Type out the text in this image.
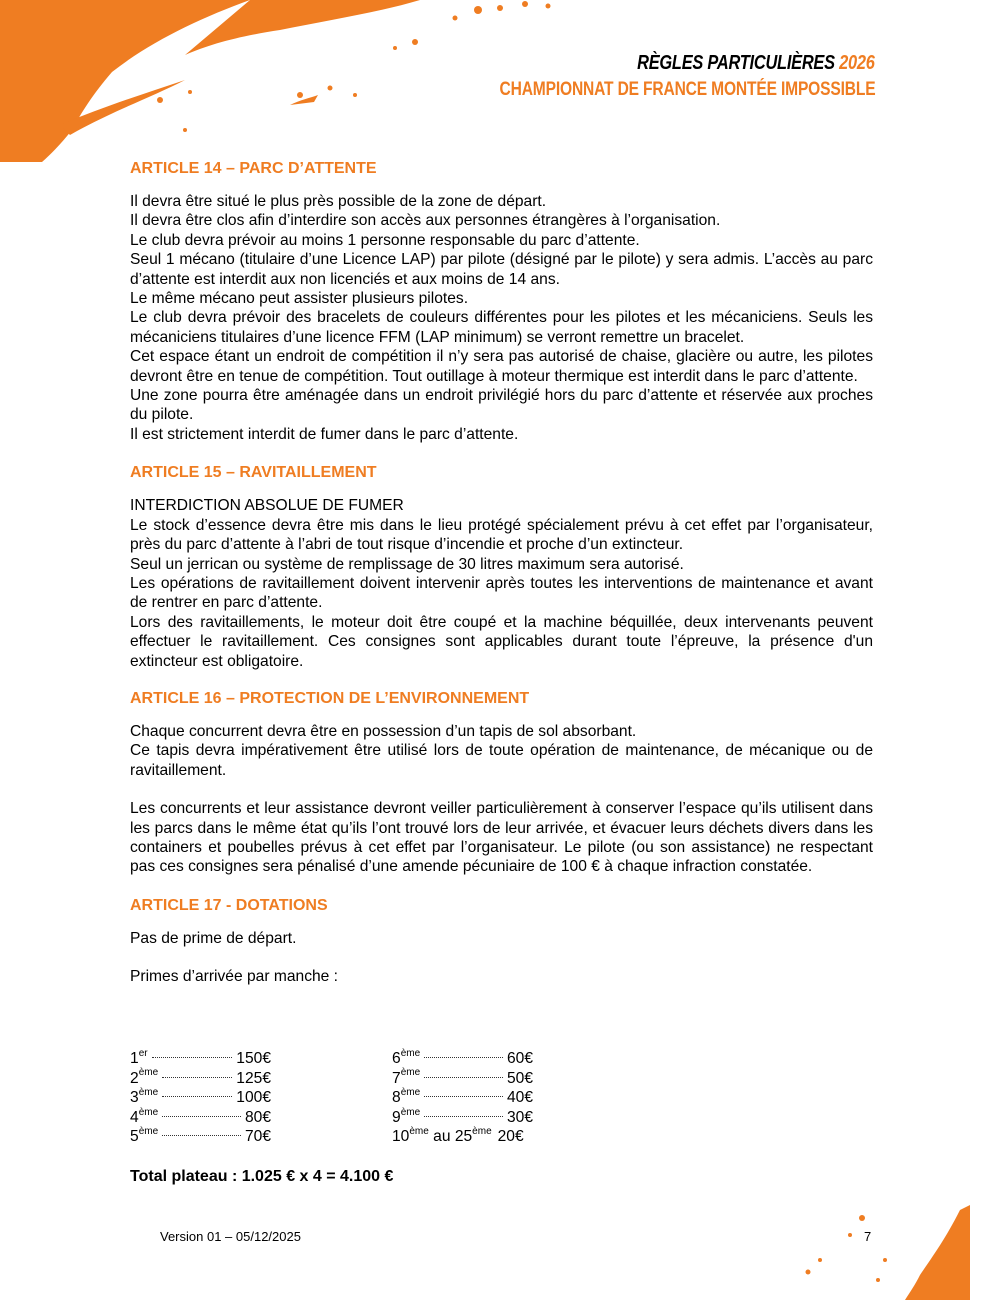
RÈGLES PARTICULIÈRES 2026
CHAMPIONNAT DE FRANCE MONTÉE IMPOSSIBLE

ARTICLE 14 – PARC D’ATTENTE

Il devra être situé le plus près possible de la zone de départ.

Il devra être clos afin d’interdire son accès aux personnes étrangères à l’organisation.

Le club devra prévoir au moins 1 personne responsable du parc d’attente.

Seul 1 mécano (titulaire d’une Licence LAP) par pilote (désigné par le pilote) y sera admis. L’accès au parc d’attente est interdit aux non licenciés et aux moins de 14 ans.

Le même mécano peut assister plusieurs pilotes.

Le club devra prévoir des bracelets de couleurs différentes pour les pilotes et les mécaniciens. Seuls les mécaniciens titulaires d’une licence FFM (LAP minimum) se verront remettre un bracelet.

Cet espace étant un endroit de compétition il n’y sera pas autorisé de chaise, glacière ou autre, les pilotes devront être en tenue de compétition. Tout outillage à moteur thermique est interdit dans le parc d’attente.

Une zone pourra être aménagée dans un endroit privilégié hors du parc d’attente et réservée aux proches du pilote.

Il est strictement interdit de fumer dans le parc d’attente.

ARTICLE 15 – RAVITAILLEMENT

INTERDICTION ABSOLUE DE FUMER

Le stock d’essence devra être mis dans le lieu protégé spécialement prévu à cet effet par l’organisateur, près du parc d’attente à l’abri de tout risque d’incendie et proche d’un extincteur.

Seul un jerrican ou système de remplissage de 30 litres maximum sera autorisé.

Les opérations de ravitaillement doivent intervenir après toutes les interventions de maintenance et avant de rentrer en parc d’attente.

Lors des ravitaillements, le moteur doit être coupé et la machine béquillée, deux intervenants peuvent effectuer le ravitaillement. Ces consignes sont applicables durant toute l’épreuve, la présence d'un extincteur est obligatoire.

ARTICLE 16 – PROTECTION DE L’ENVIRONNEMENT

Chaque concurrent devra être en possession d’un tapis de sol absorbant.

Ce tapis devra impérativement être utilisé lors de toute opération de maintenance, de mécanique ou de ravitaillement.

Les concurrents et leur assistance devront veiller particulièrement à conserver l’espace qu’ils utilisent dans les parcs dans le même état qu’ils l’ont trouvé lors de leur arrivée, et évacuer leurs déchets divers dans les containers et poubelles prévus à cet effet par l’organisateur. Le pilote (ou son assistance) ne respectant pas ces consignes sera pénalisé d’une amende pécuniaire de 100 € à chaque infraction constatée.

ARTICLE 17 - DOTATIONS

Pas de prime de départ.

Primes d’arrivée par manche :

1er	150€
2ème	125€
3ème	100€
4ème	80€
5ème	70€
6ème	60€
7ème	50€
8ème	40€
9ème	30€
10ème au 25ème 20€
Total plateau : 1.025 € x 4 = 4.100 €
Version 01 – 05/12/2025	7
